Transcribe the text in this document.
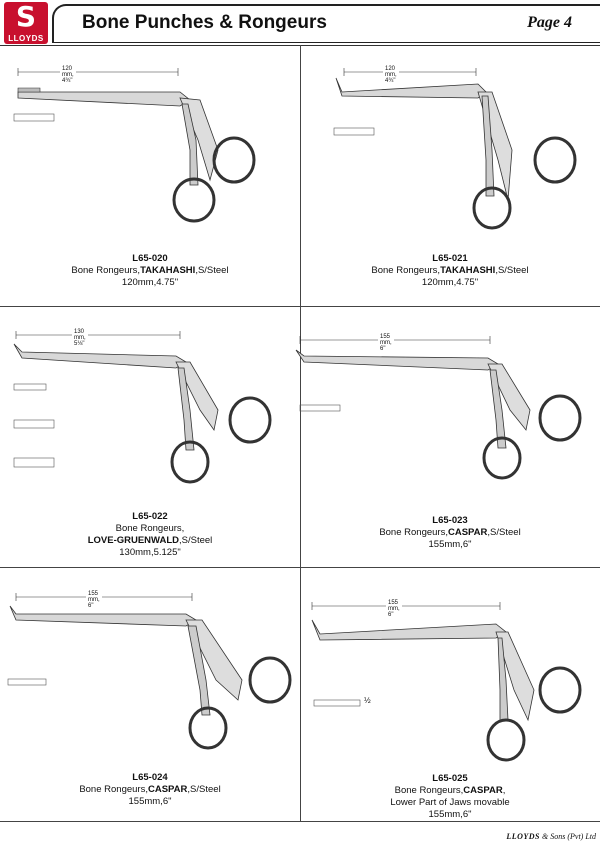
S
LLOYDS
Bone Punches & Rongeurs	Page 4
L65-020
Bone Rongeurs,TAKAHASHI,S/Steel
120mm,4.75"
120 mm, 4¾"
L65-021
Bone Rongeurs,TAKAHASHI,S/Steel
120mm,4.75"
120 mm, 4¾"
L65-022
Bone Rongeurs,
LOVE-GRUENWALD,S/Steel
130mm,5.125"
130 mm, 5⅛"
L65-023
Bone Rongeurs,CASPAR,S/Steel
155mm,6"
155 mm, 6"
L65-024
Bone Rongeurs,CASPAR,S/Steel
155mm,6"
155 mm, 6"
½
L65-025
Bone Rongeurs,CASPAR,
Lower Part of Jaws movable
155mm,6"
155 mm, 6"
LLOYDS & Sons (Pvt) Ltd
